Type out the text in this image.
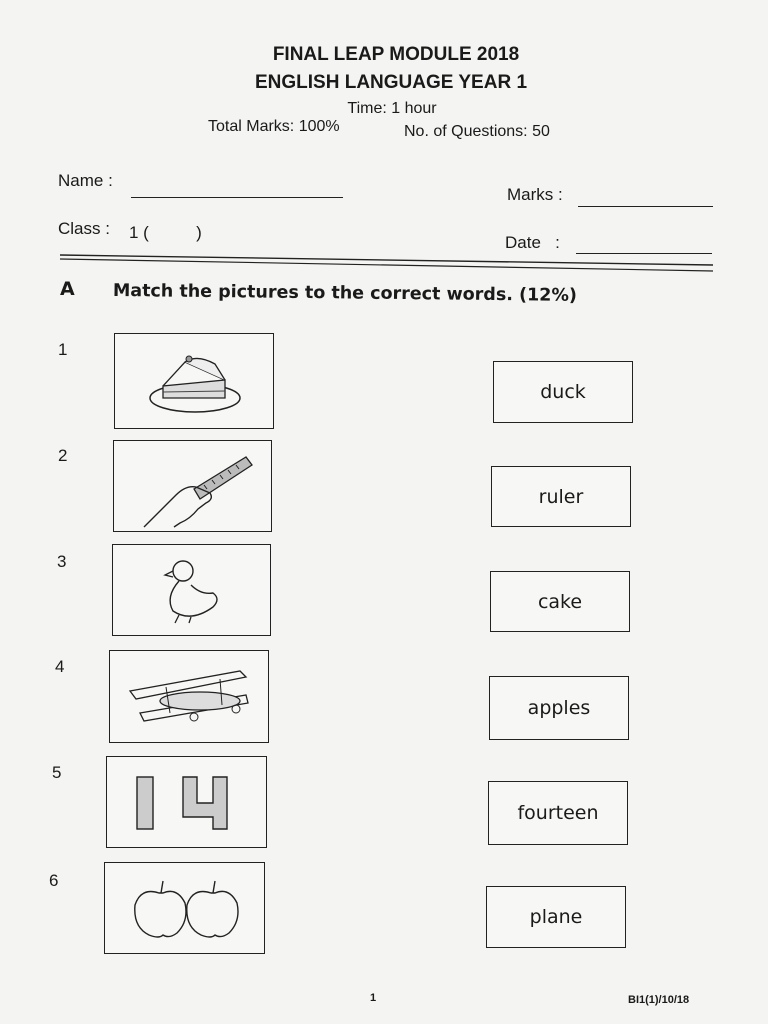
FINAL LEAP MODULE 2018
ENGLISH LANGUAGE YEAR 1
Time: 1 hour
Total Marks: 100%	No. of Questions: 50
Name :
Marks :
Class : 1 (          )
Date   :
A Match the pictures to the correct words. (12%)
1
duck
2
ruler
3
cake
4
apples
5
fourteen
6
plane
1	BI1(1)/10/18
